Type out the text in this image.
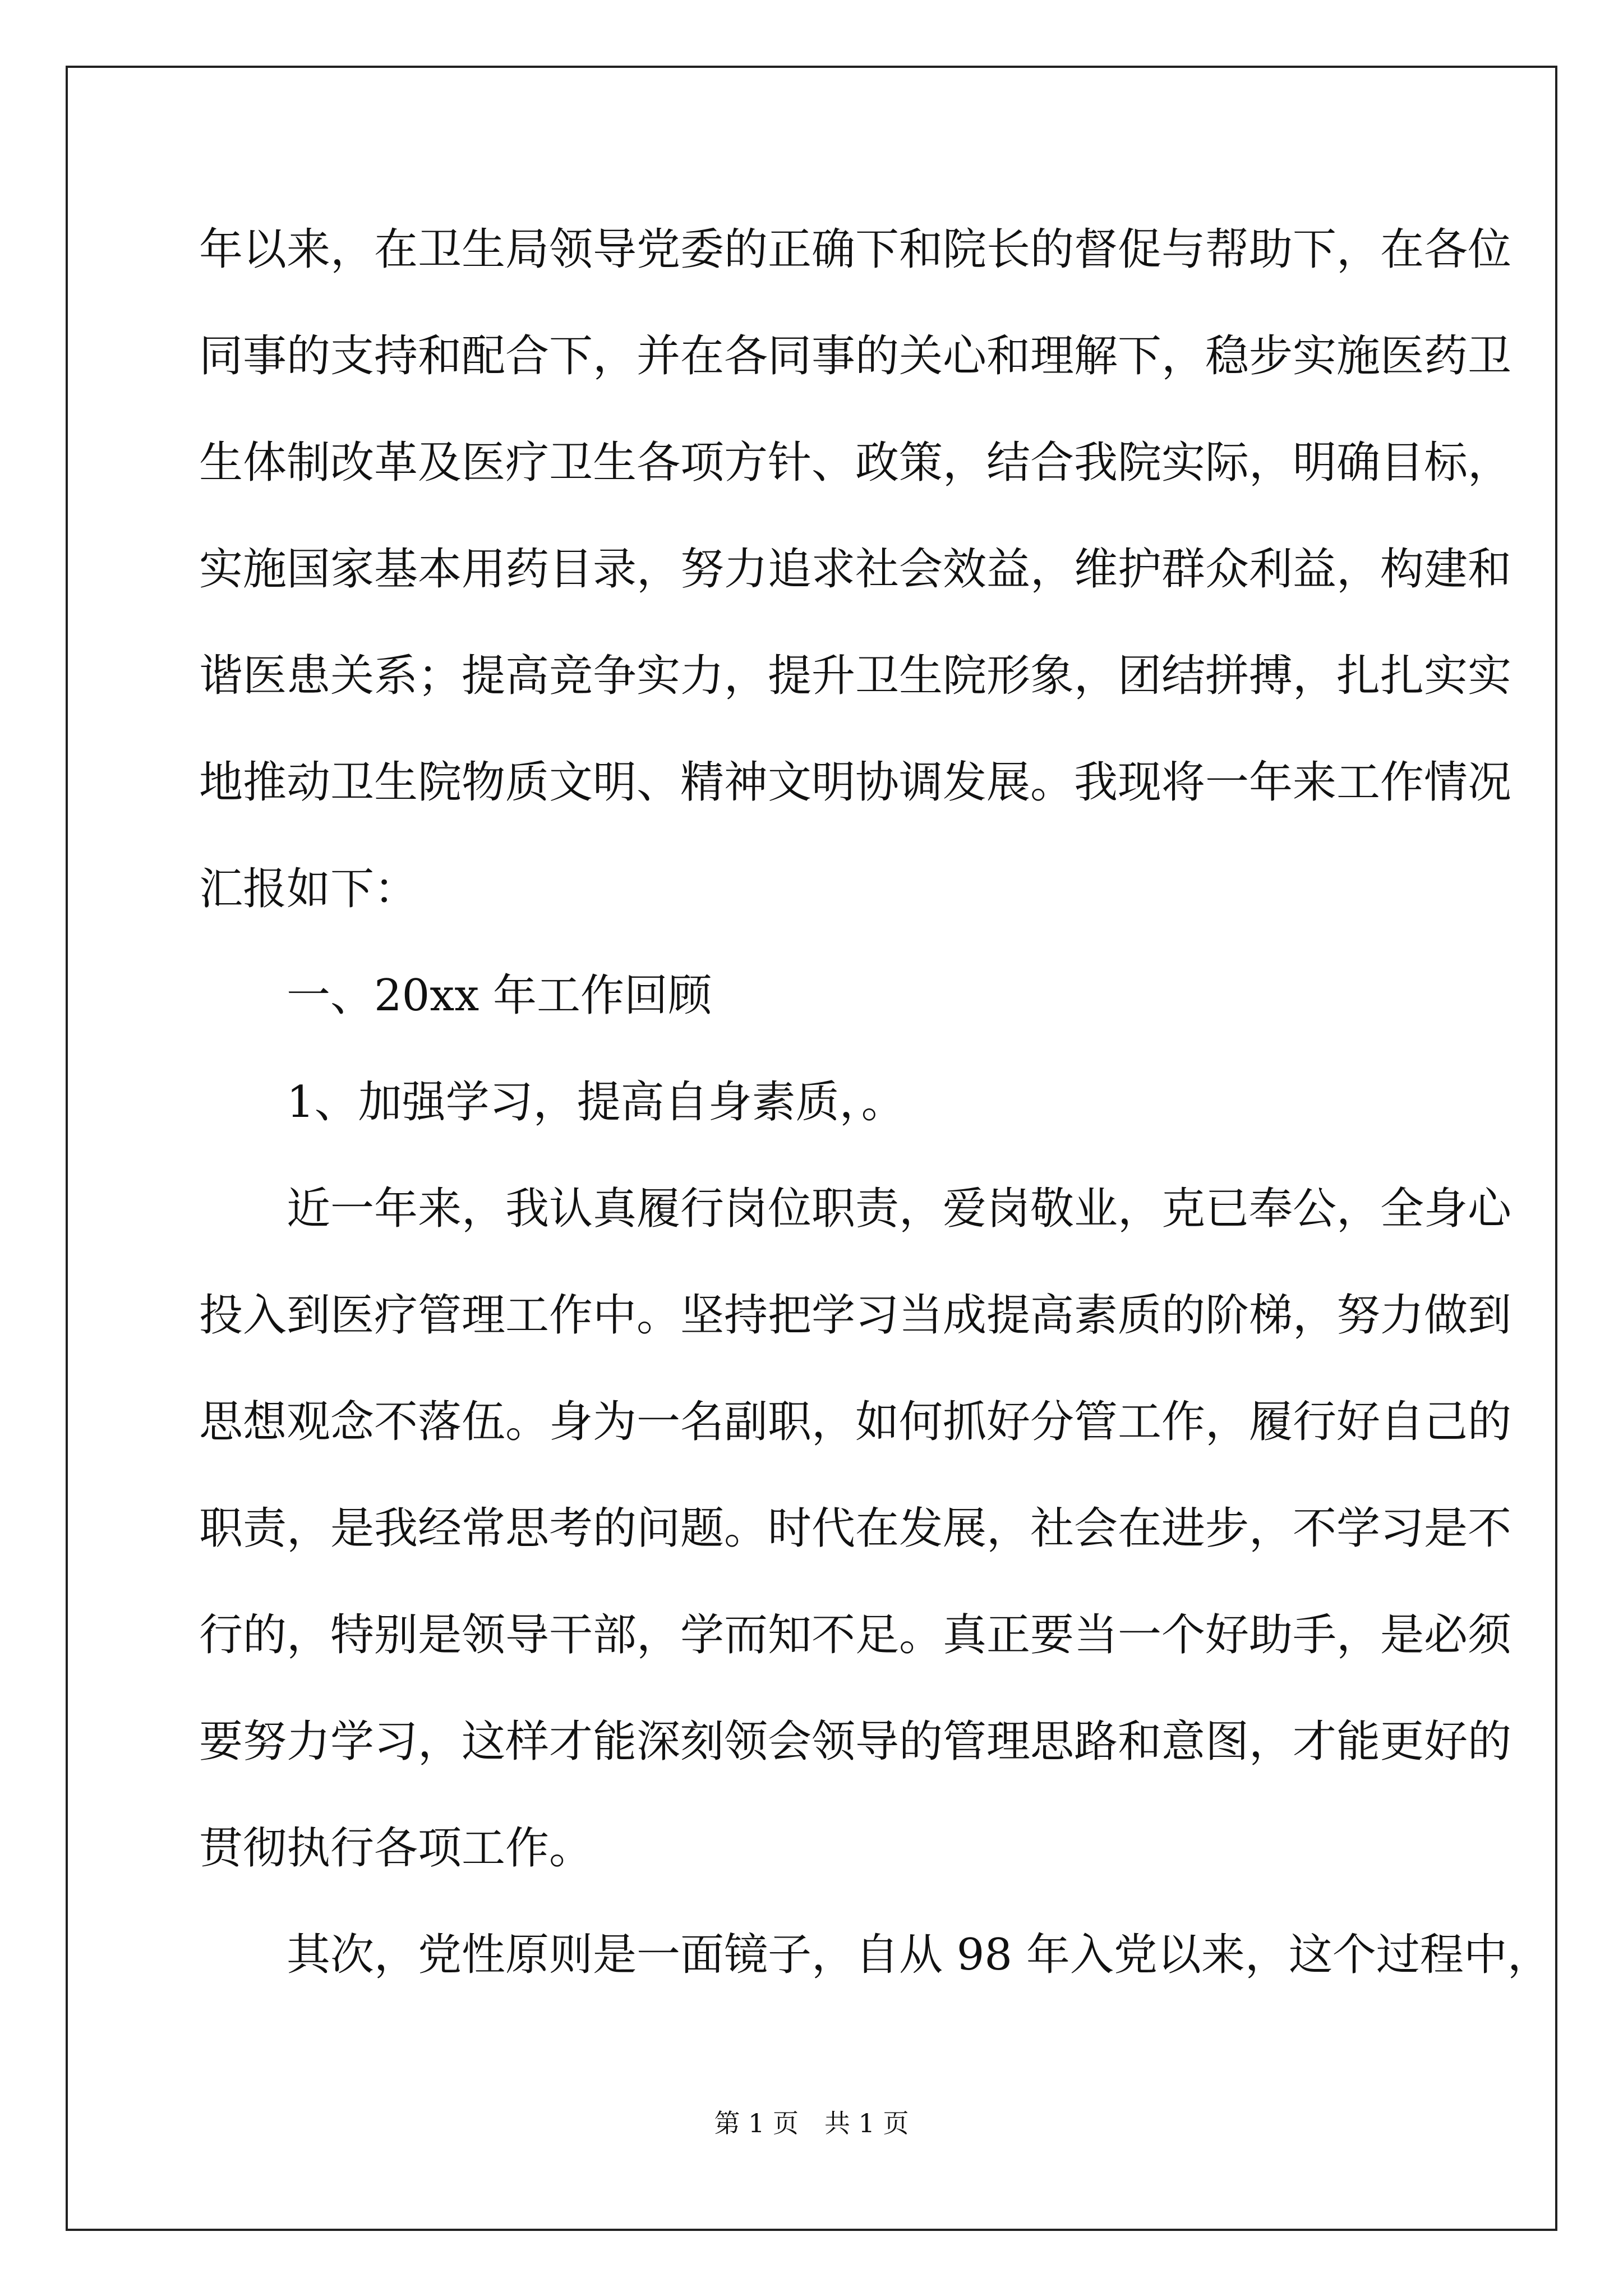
年以来，在卫生局领导党委的正确下和院长的督促与帮助下，在各位
同事的支持和配合下，并在各同事的关心和理解下，稳步实施医药卫
生体制改革及医疗卫生各项方针、政策，结合我院实际，明确目标，
实施国家基本用药目录，努力追求社会效益，维护群众利益，构建和
谐医患关系；提高竞争实力，提升卫生院形象，团结拼搏，扎扎实实
地推动卫生院物质文明、精神文明协调发展。我现将一年来工作情况
汇报如下：
一、20xx 年工作回顾
1、加强学习，提高自身素质，。
近一年来，我认真履行岗位职责，爱岗敬业，克已奉公，全身心
投入到医疗管理工作中。坚持把学习当成提高素质的阶梯，努力做到
思想观念不落伍。身为一名副职，如何抓好分管工作，履行好自己的
职责，是我经常思考的问题。时代在发展，社会在进步，不学习是不
行的，特别是领导干部，学而知不足。真正要当一个好助手，是必须
要努力学习，这样才能深刻领会领导的管理思路和意图，才能更好的
贯彻执行各项工作。
其次，党性原则是一面镜子，自从 98 年入党以来，这个过程中，
第 1 页　共 1 页
